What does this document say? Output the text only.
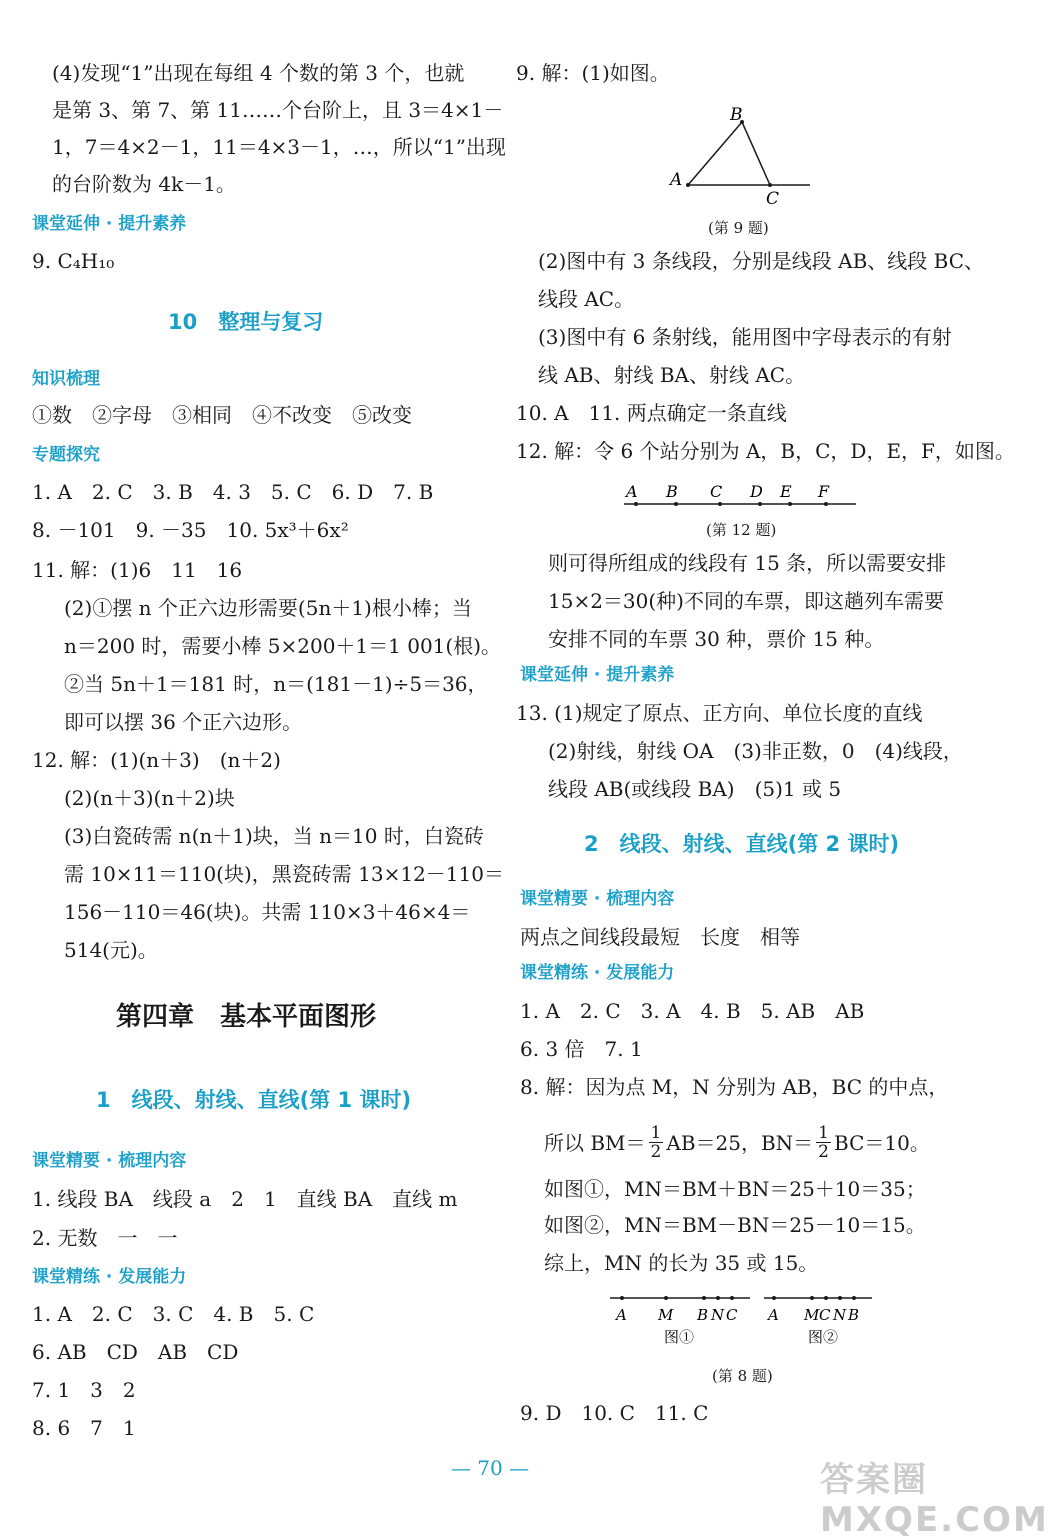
(4)发现“1”出现在每组 4 个数的第 3 个，也就
是第 3、第 7、第 11……个台阶上，且 3＝4×1－
1，7＝4×2－1，11＝4×3－1，…，所以“1”出现
的台阶数为 4k－1。
课堂延伸 · 提升素养
9. C₄H₁₀
10　整理与复习
知识梳理
①数　②字母　③相同　④不改变　⑤改变
专题探究
1. A　2. C　3. B　4. 3　5. C　6. D　7. B
8. －101　9. －35　10. 5x³＋6x²
11. 解：(1)6　11　16
(2)①摆 n 个正六边形需要(5n＋1)根小棒；当
n＝200 时，需要小棒 5×200＋1＝1 001(根)。
②当 5n＋1＝181 时，n＝(181－1)÷5＝36，
即可以摆 36 个正六边形。
12. 解：(1)(n＋3)　(n＋2)
(2)(n＋3)(n＋2)块
(3)白瓷砖需 n(n＋1)块，当 n＝10 时，白瓷砖
需 10×11＝110(块)，黑瓷砖需 13×12－110＝
156－110＝46(块)。共需 110×3＋46×4＝
514(元)。
第四章　基本平面图形
1　线段、射线、直线(第 1 课时)
课堂精要 · 梳理内容
1. 线段 BA　线段 a　2　1　直线 BA　直线 m
2. 无数　一　一
课堂精练 · 发展能力
1. A　2. C　3. C　4. B　5. C
6. AB　CD　AB　CD
7. 1　3　2
8. 6　7　1
9. 解：(1)如图。
A
B
C
(第 9 题)
(2)图中有 3 条线段，分别是线段 AB、线段 BC、
线段 AC。
(3)图中有 6 条射线，能用图中字母表示的有射
线 AB、射线 BA、射线 AC。
10. A　11. 两点确定一条直线
12. 解：令 6 个站分别为 A，B，C，D，E，F，如图。
A B C D E F
(第 12 题)
则可得所组成的线段有 15 条，所以需要安排
15×2＝30(种)不同的车票，即这趟列车需要
安排不同的车票 30 种，票价 15 种。
课堂延伸 · 提升素养
13. (1)规定了原点、正方向、单位长度的直线
(2)射线，射线 OA　(3)非正数，0　(4)线段，
线段 AB(或线段 BA)　(5)1 或 5
2　线段、射线、直线(第 2 课时)
课堂精要 · 梳理内容
两点之间线段最短　长度　相等
课堂精练 · 发展能力
1. A　2. C　3. A　4. B　5. AB　AB
6. 3 倍　7. 1
8. 解：因为点 M，N 分别为 AB，BC 的中点，
所以 $BM= \frac{1}{2} AB=25$，$BN= \frac{1}{2} BC=10$。
如图①，MN＝BM＋BN＝25＋10＝35；
如图②，MN＝BM－BN＝25－10＝15。
综上，MN 的长为 35 或 15。
A M B N C
图①
A M C N B
图②
(第 8 题)
9. D　10. C　11. C
— 70 —	答案圈 MXQE.COM
